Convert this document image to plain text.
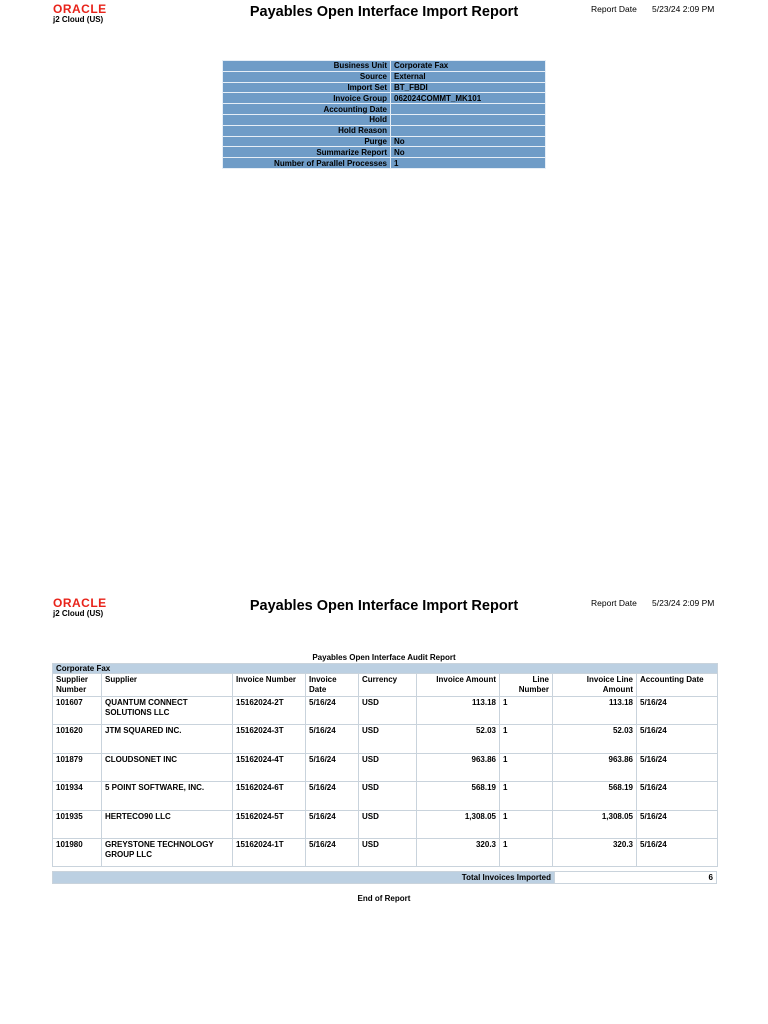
ORACLE
j2 Cloud (US)	Payables Open Interface Import Report	Report Date 5/23/24 2:09 PM
Business Unit	Corporate Fax
Source	External
Import Set	BT_FBDI
Invoice Group	062024COMMT_MK101
Accounting Date	
Hold	
Hold Reason	
Purge	No
Summarize Report	No
Number of Parallel Processes	1
ORACLE
j2 Cloud (US)	Payables Open Interface Import Report	Report Date 5/23/24 2:09 PM
Payables Open Interface Audit Report
Corporate Fax								
Supplier Number	Supplier	Invoice Number	Invoice Date	Currency	Invoice Amount	Line Number	Invoice Line Amount	Accounting Date
101607	QUANTUM CONNECT SOLUTIONS LLC	15162024-2T	5/16/24	USD	113.18	1	113.18	5/16/24
101620	JTM SQUARED INC.	15162024-3T	5/16/24	USD	52.03	1	52.03	5/16/24
101879	CLOUDSONET INC	15162024-4T	5/16/24	USD	963.86	1	963.86	5/16/24
101934	5 POINT SOFTWARE, INC.	15162024-6T	5/16/24	USD	568.19	1	568.19	5/16/24
101935	HERTECO90 LLC	15162024-5T	5/16/24	USD	1,308.05	1	1,308.05	5/16/24
101980	GREYSTONE TECHNOLOGY GROUP LLC	15162024-1T	5/16/24	USD	320.3	1	320.3	5/16/24
Total Invoices Imported	6
End of Report
